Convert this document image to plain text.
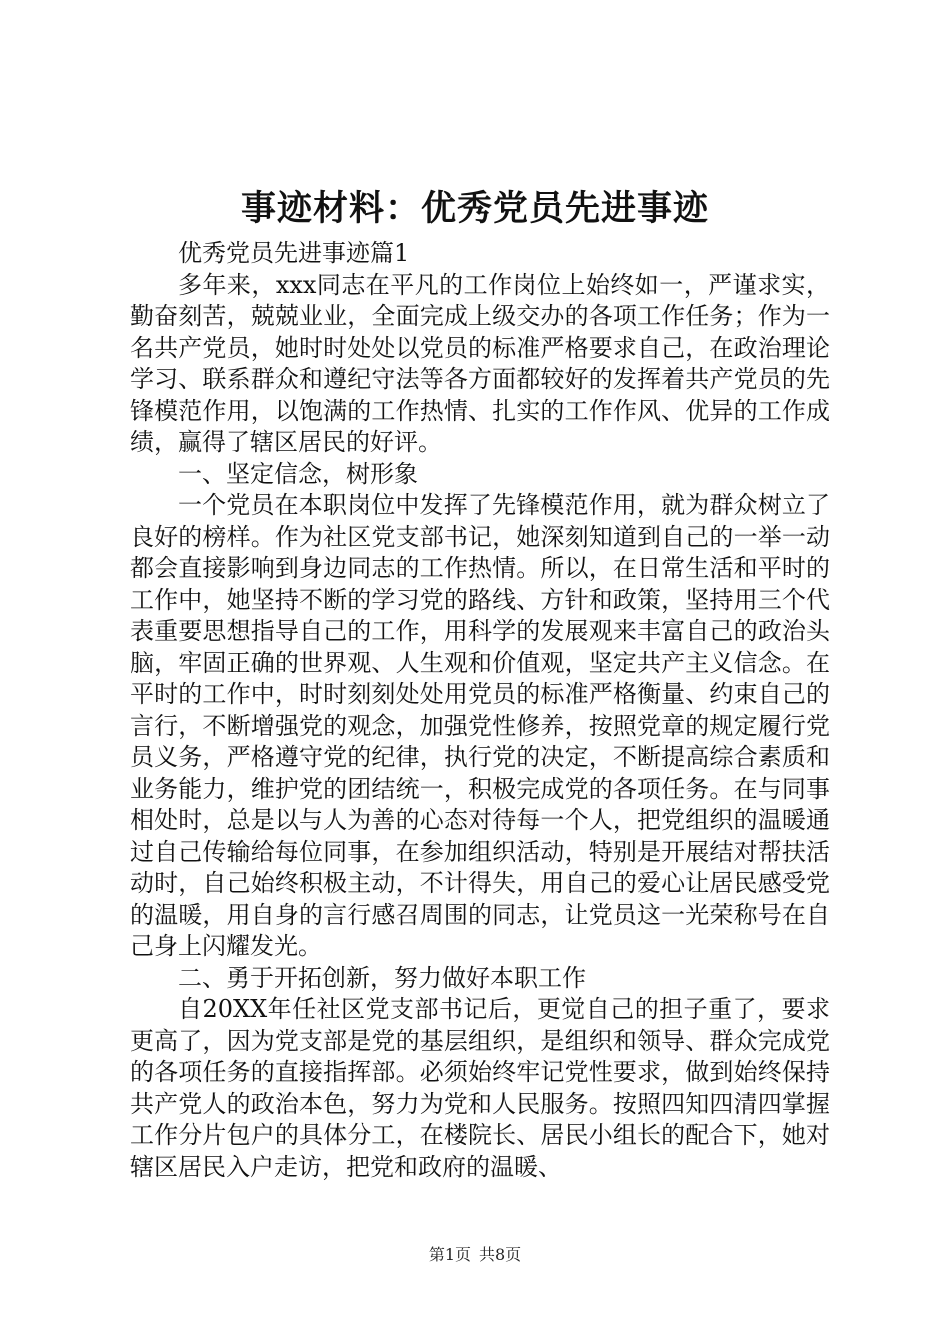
事迹材料：优秀党员先进事迹

优秀党员先进事迹篇1

多年来，xxx同志在平凡的工作岗位上始终如一，严谨求实，勤奋刻苦，兢兢业业，全面完成上级交办的各项工作任务；作为一名共产党员，她时时处处以党员的标准严格要求自己，在政治理论学习、联系群众和遵纪守法等各方面都较好的发挥着共产党员的先锋模范作用，以饱满的工作热情、扎实的工作作风、优异的工作成绩，赢得了辖区居民的好评。

一、坚定信念，树形象

一个党员在本职岗位中发挥了先锋模范作用，就为群众树立了良好的榜样。作为社区党支部书记，她深刻知道到自己的一举一动都会直接影响到身边同志的工作热情。所以，在日常生活和平时的工作中，她坚持不断的学习党的路线、方针和政策，坚持用三个代表重要思想指导自己的工作，用科学的发展观来丰富自己的政治头脑，牢固正确的世界观、人生观和价值观，坚定共产主义信念。在平时的工作中，时时刻刻处处用党员的标准严格衡量、约束自己的言行，不断增强党的观念，加强党性修养，按照党章的规定履行党员义务，严格遵守党的纪律，执行党的决定，不断提高综合素质和业务能力，维护党的团结统一，积极完成党的各项任务。在与同事相处时，总是以与人为善的心态对待每一个人，把党组织的温暖通过自己传输给每位同事，在参加组织活动，特别是开展结对帮扶活动时，自己始终积极主动，不计得失，用自己的爱心让居民感受党的温暖，用自身的言行感召周围的同志，让党员这一光荣称号在自己身上闪耀发光。

二、勇于开拓创新，努力做好本职工作

自20XX年任社区党支部书记后，更觉自己的担子重了，要求更高了，因为党支部是党的基层组织，是组织和领导、群众完成党的各项任务的直接指挥部。必须始终牢记党性要求，做到始终保持共产党人的政治本色，努力为党和人民服务。按照四知四清四掌握工作分片包户的具体分工，在楼院长、居民小组长的配合下，她对辖区居民入户走访，把党和政府的温暖、

第1页 共8页
